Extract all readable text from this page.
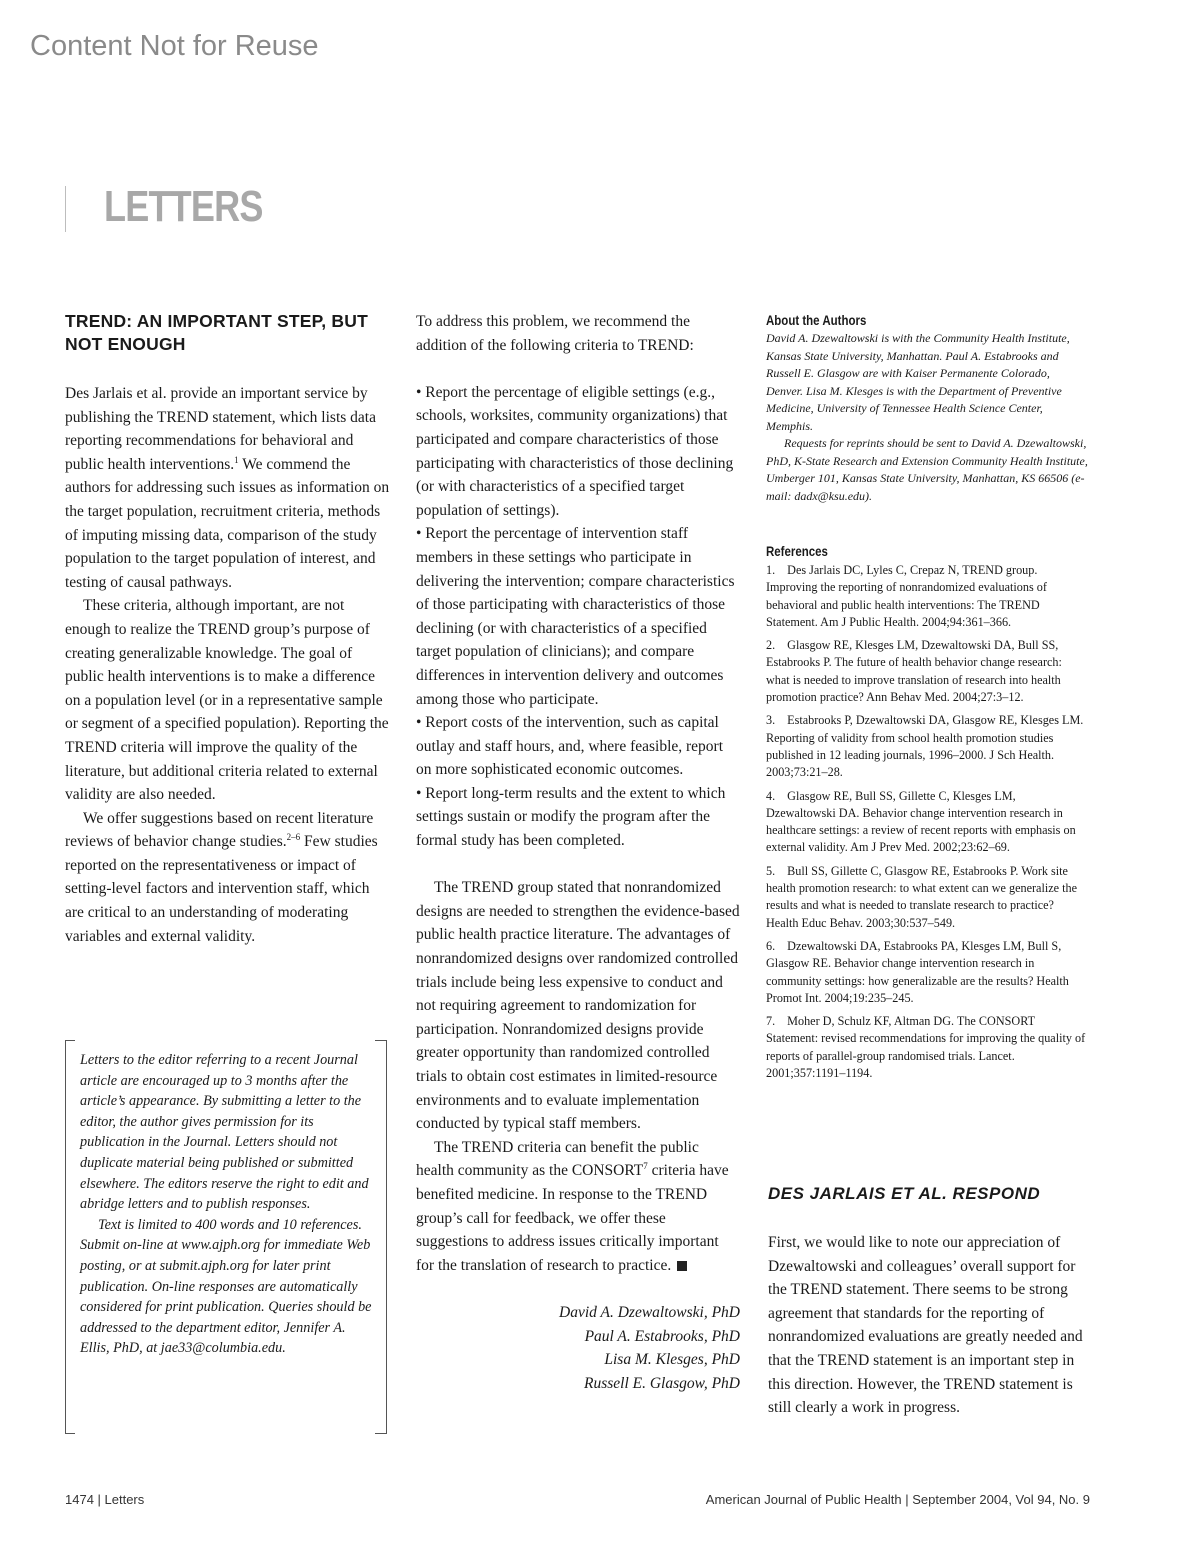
Content Not for Reuse
LETTERS
TREND: AN IMPORTANT STEP, BUT NOT ENOUGH

Des Jarlais et al. provide an important service by publishing the TREND statement, which lists data reporting recommendations for behavioral and public health interventions.$^1$ We commend the authors for addressing such issues as information on the target population, recruitment criteria, methods of imputing missing data, comparison of the study population to the target population of interest, and testing of causal pathways.

These criteria, although important, are not enough to realize the TREND group’s purpose of creating generalizable knowledge. The goal of public health interventions is to make a difference on a population level (or in a representative sample or segment of a specified population). Reporting the TREND criteria will improve the quality of the literature, but additional criteria related to external validity are also needed.

We offer suggestions based on recent literature reviews of behavior change studies.$^{2-6}$ Few studies reported on the representativeness or impact of setting-level factors and intervention staff, which are critical to an understanding of moderating variables and external validity.

Letters to the editor referring to a recent Journal article are encouraged up to 3 months after the article’s appearance. By submitting a letter to the editor, the author gives permission for its publication in the Journal. Letters should not duplicate material being published or submitted elsewhere. The editors reserve the right to edit and abridge letters and to publish responses.

Text is limited to 400 words and 10 references. Submit on-line at www.ajph.org for immediate Web posting, or at submit.ajph.org for later print publication. On-line responses are automatically considered for print publication. Queries should be addressed to the department editor, Jennifer A. Ellis, PhD, at jae33@columbia.edu.

To address this problem, we recommend the addition of the following criteria to TREND:

• Report the percentage of eligible settings (e.g., schools, worksites, community organizations) that participated and compare characteristics of those participating with characteristics of those declining (or with characteristics of a specified target population of settings).

• Report the percentage of intervention staff members in these settings who participate in delivering the intervention; compare characteristics of those participating with characteristics of those declining (or with characteristics of a specified target population of clinicians); and compare differences in intervention delivery and outcomes among those who participate.

• Report costs of the intervention, such as capital outlay and staff hours, and, where feasible, report on more sophisticated economic outcomes.

• Report long-term results and the extent to which settings sustain or modify the program after the formal study has been completed.

The TREND group stated that nonrandomized designs are needed to strengthen the evidence-based public health practice literature. The advantages of nonrandomized designs over randomized controlled trials include being less expensive to conduct and not requiring agreement to randomization for participation. Nonrandomized designs provide greater opportunity than randomized controlled trials to obtain cost estimates in limited-resource environments and to evaluate implementation conducted by typical staff members.

The TREND criteria can benefit the public health community as the CONSORT$^7$ criteria have benefited medicine. In response to the TREND group’s call for feedback, we offer these suggestions to address issues critically important for the translation of research to practice.

David A. Dzewaltowski, PhD
Paul A. Estabrooks, PhD
Lisa M. Klesges, PhD
Russell E. Glasgow, PhD
About the Authors

David A. Dzewaltowski is with the Community Health Institute, Kansas State University, Manhattan. Paul A. Estabrooks and Russell E. Glasgow are with Kaiser Permanente Colorado, Denver. Lisa M. Klesges is with the Department of Preventive Medicine, University of Tennessee Health Science Center, Memphis.

Requests for reprints should be sent to David A. Dzewaltowski, PhD, K-State Research and Extension Community Health Institute, Umberger 101, Kansas State University, Manhattan, KS 66506 (e-mail: dadx@ksu.edu).

References

1. Des Jarlais DC, Lyles C, Crepaz N, TREND group. Improving the reporting of nonrandomized evaluations of behavioral and public health interventions: The TREND Statement. Am J Public Health. 2004;94:361–366.

2. Glasgow RE, Klesges LM, Dzewaltowski DA, Bull SS, Estabrooks P. The future of health behavior change research: what is needed to improve translation of research into health promotion practice? Ann Behav Med. 2004;27:3–12.

3. Estabrooks P, Dzewaltowski DA, Glasgow RE, Klesges LM. Reporting of validity from school health promotion studies published in 12 leading journals, 1996–2000. J Sch Health. 2003;73:21–28.

4. Glasgow RE, Bull SS, Gillette C, Klesges LM, Dzewaltowski DA. Behavior change intervention research in healthcare settings: a review of recent reports with emphasis on external validity. Am J Prev Med. 2002;23:62–69.

5. Bull SS, Gillette C, Glasgow RE, Estabrooks P. Work site health promotion research: to what extent can we generalize the results and what is needed to translate research to practice? Health Educ Behav. 2003;30:537–549.

6. Dzewaltowski DA, Estabrooks PA, Klesges LM, Bull S, Glasgow RE. Behavior change intervention research in community settings: how generalizable are the results? Health Promot Int. 2004;19:235–245.

7. Moher D, Schulz KF, Altman DG. The CONSORT Statement: revised recommendations for improving the quality of reports of parallel-group randomised trials. Lancet. 2001;357:1191–1194.

DES JARLAIS ET AL. RESPOND

First, we would like to note our appreciation of Dzewaltowski and colleagues’ overall support for the TREND statement. There seems to be strong agreement that standards for the reporting of nonrandomized evaluations are greatly needed and that the TREND statement is an important step in this direction. However, the TREND statement is still clearly a work in progress.

1474 | Letters	American Journal of Public Health | September 2004, Vol 94, No. 9
